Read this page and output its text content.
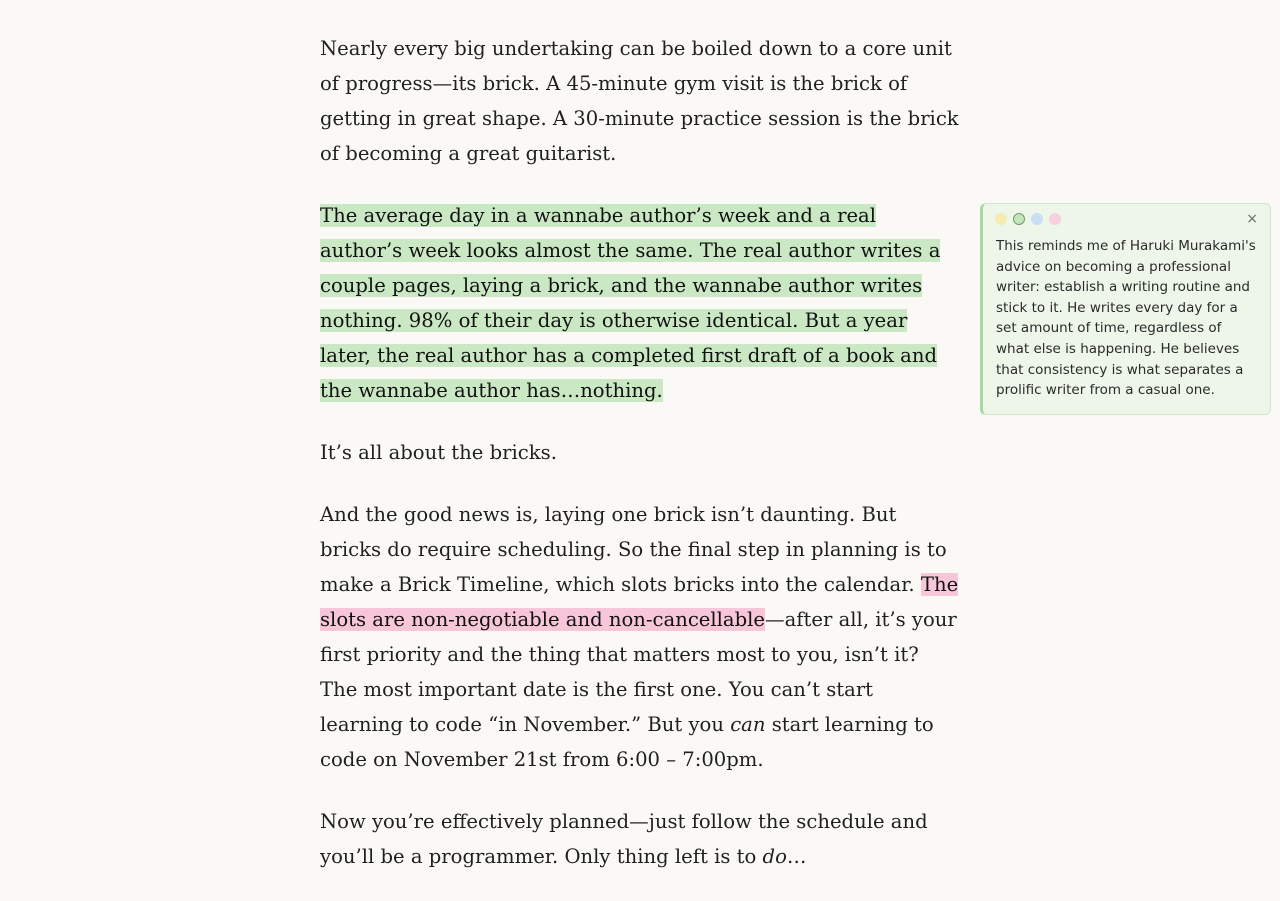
Nearly every big undertaking can be boiled down to a core unit of progress—its brick. A 45-minute gym visit is the brick of getting in great shape. A 30-minute practice session is the brick of becoming a great guitarist.

The average day in a wannabe author’s week and a real author’s week looks almost the same. The real author writes a couple pages, laying a brick, and the wannabe author writes nothing. 98% of their day is otherwise identical. But a year later, the real author has a completed first draft of a book and the wannabe author has…nothing.

It’s all about the bricks.

And the good news is, laying one brick isn’t daunting. But bricks do require scheduling. So the final step in planning is to make a Brick Timeline, which slots bricks into the calendar. The slots are non-negotiable and non-cancellable—after all, it’s your first priority and the thing that matters most to you, isn’t it? The most important date is the first one. You can’t start learning to code “in November.” But you can start learning to code on November 21st from 6:00 – 7:00pm.

Now you’re effectively planned—just follow the schedule and you’ll be a programmer. Only thing left is to do…

×
This reminds me of Haruki Murakami's advice on becoming a professional writer: establish a writing routine and stick to it. He writes every day for a set amount of time, regardless of what else is happening. He believes that consistency is what separates a prolific writer from a casual one.
